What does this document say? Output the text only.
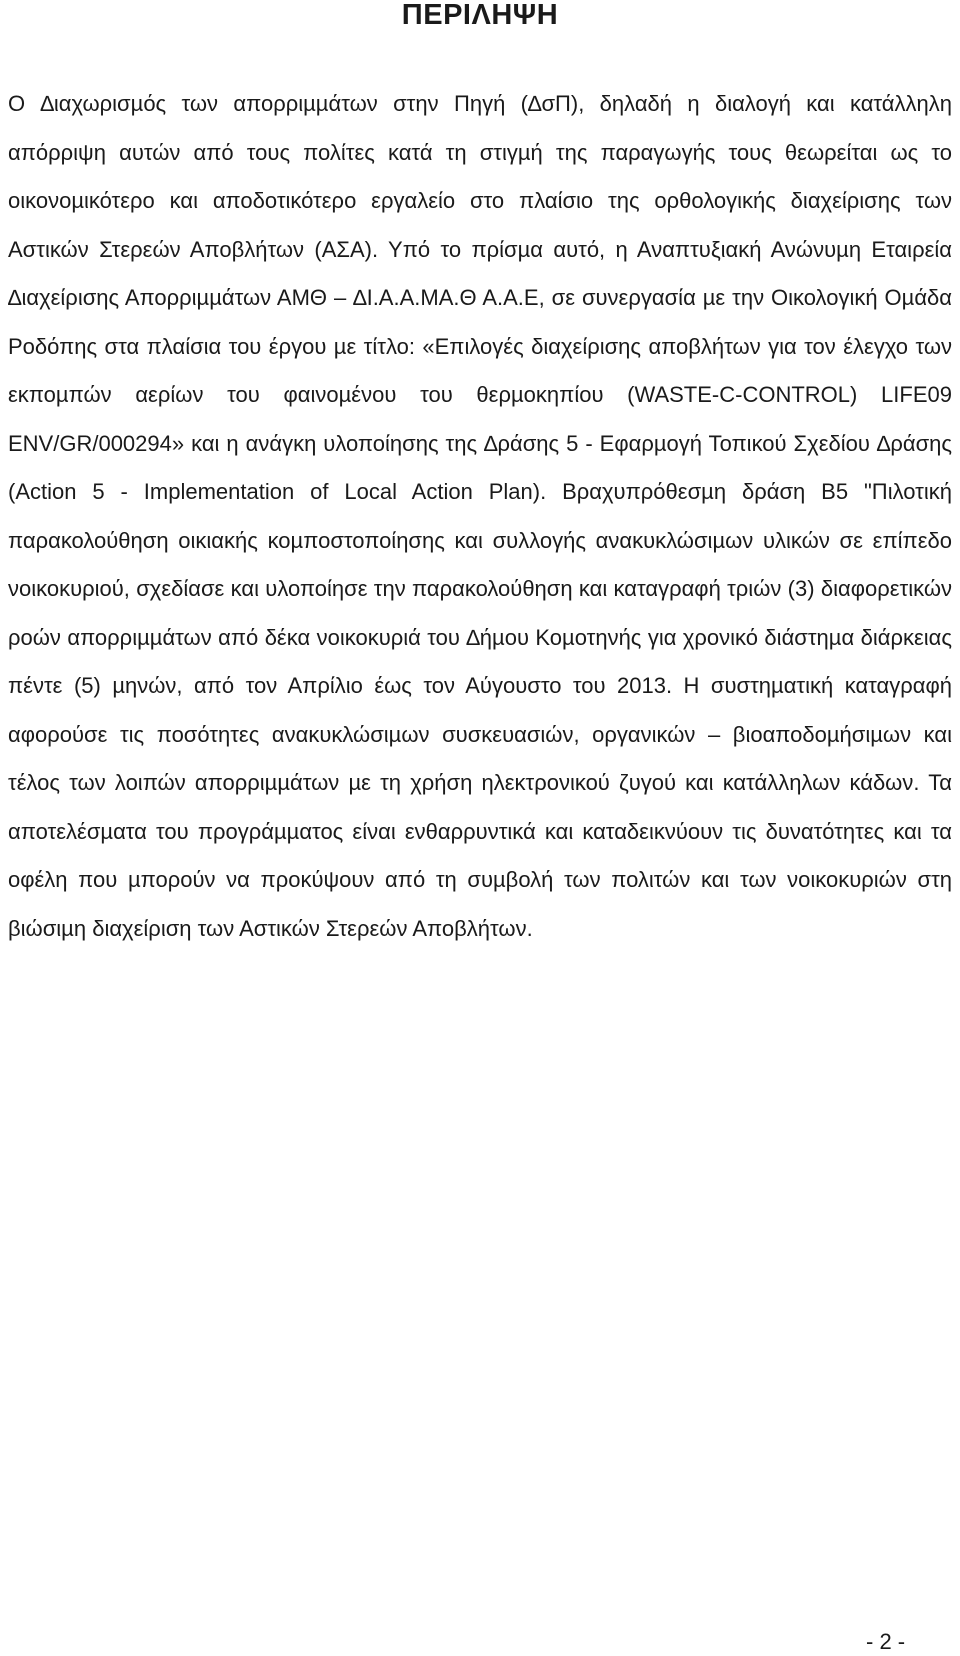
ΠΕΡΙΛΗΨΗ

Ο ∆ιαχωρισµός των απορριµµάτων στην Πηγή (∆σΠ), δηλαδή η διαλογή και κατάλληλη απόρριψη αυτών από τους πολίτες κατά τη στιγµή της παραγωγής τους θεωρείται ως το οικονοµικότερο και αποδοτικότερο εργαλείο στο πλαίσιο της ορθολογικής διαχείρισης των Αστικών Στερεών Αποβλήτων (ΑΣΑ). Υπό το πρίσµα αυτό, η Αναπτυξιακή Ανώνυµη Εταιρεία ∆ιαχείρισης Απορριµµάτων ΑΜΘ – ∆Ι.Α.Α.ΜΑ.Θ Α.Α.Ε, σε συνεργασία µε την Οικολογική Οµάδα Ροδόπης στα πλαίσια του έργου µε τίτλο: «Επιλογές διαχείρισης αποβλήτων για τον έλεγχο των εκποµπών αερίων του φαινοµένου του θερµοκηπίου (WASTE-C-CONTROL) LIFE09 ENV/GR/000294» και η ανάγκη υλοποίησης της ∆ράσης 5 - Εφαρµογή Τοπικού Σχεδίου ∆ράσης (Action 5 - Implementation of Local Action Plan). Βραχυπρόθεσµη δράση Β5 "Πιλοτική παρακολούθηση οικιακής κοµποστοποίησης και συλλογής ανακυκλώσιµων υλικών σε επίπεδο νοικοκυριού, σχεδίασε και υλοποίησε την παρακολούθηση και καταγραφή τριών (3) διαφορετικών ροών απορριµµάτων από δέκα νοικοκυριά του ∆ήµου Κοµοτηνής για χρονικό διάστηµα διάρκειας πέντε (5) µηνών, από τον Απρίλιο έως τον Αύγουστο του 2013. Η συστηµατική καταγραφή αφορούσε τις ποσότητες ανακυκλώσιµων συσκευασιών, οργανικών – βιοαποδοµήσιµων και τέλος των λοιπών απορριµµάτων µε τη χρήση ηλεκτρονικού ζυγού και κατάλληλων κάδων. Τα αποτελέσµατα του προγράµµατος είναι ενθαρρυντικά και καταδεικνύουν τις δυνατότητες και τα οφέλη που µπορούν να προκύψουν από τη συµβολή των πολιτών και των νοικοκυριών στη βιώσιµη διαχείριση των Αστικών Στερεών Αποβλήτων.

- 2 -
